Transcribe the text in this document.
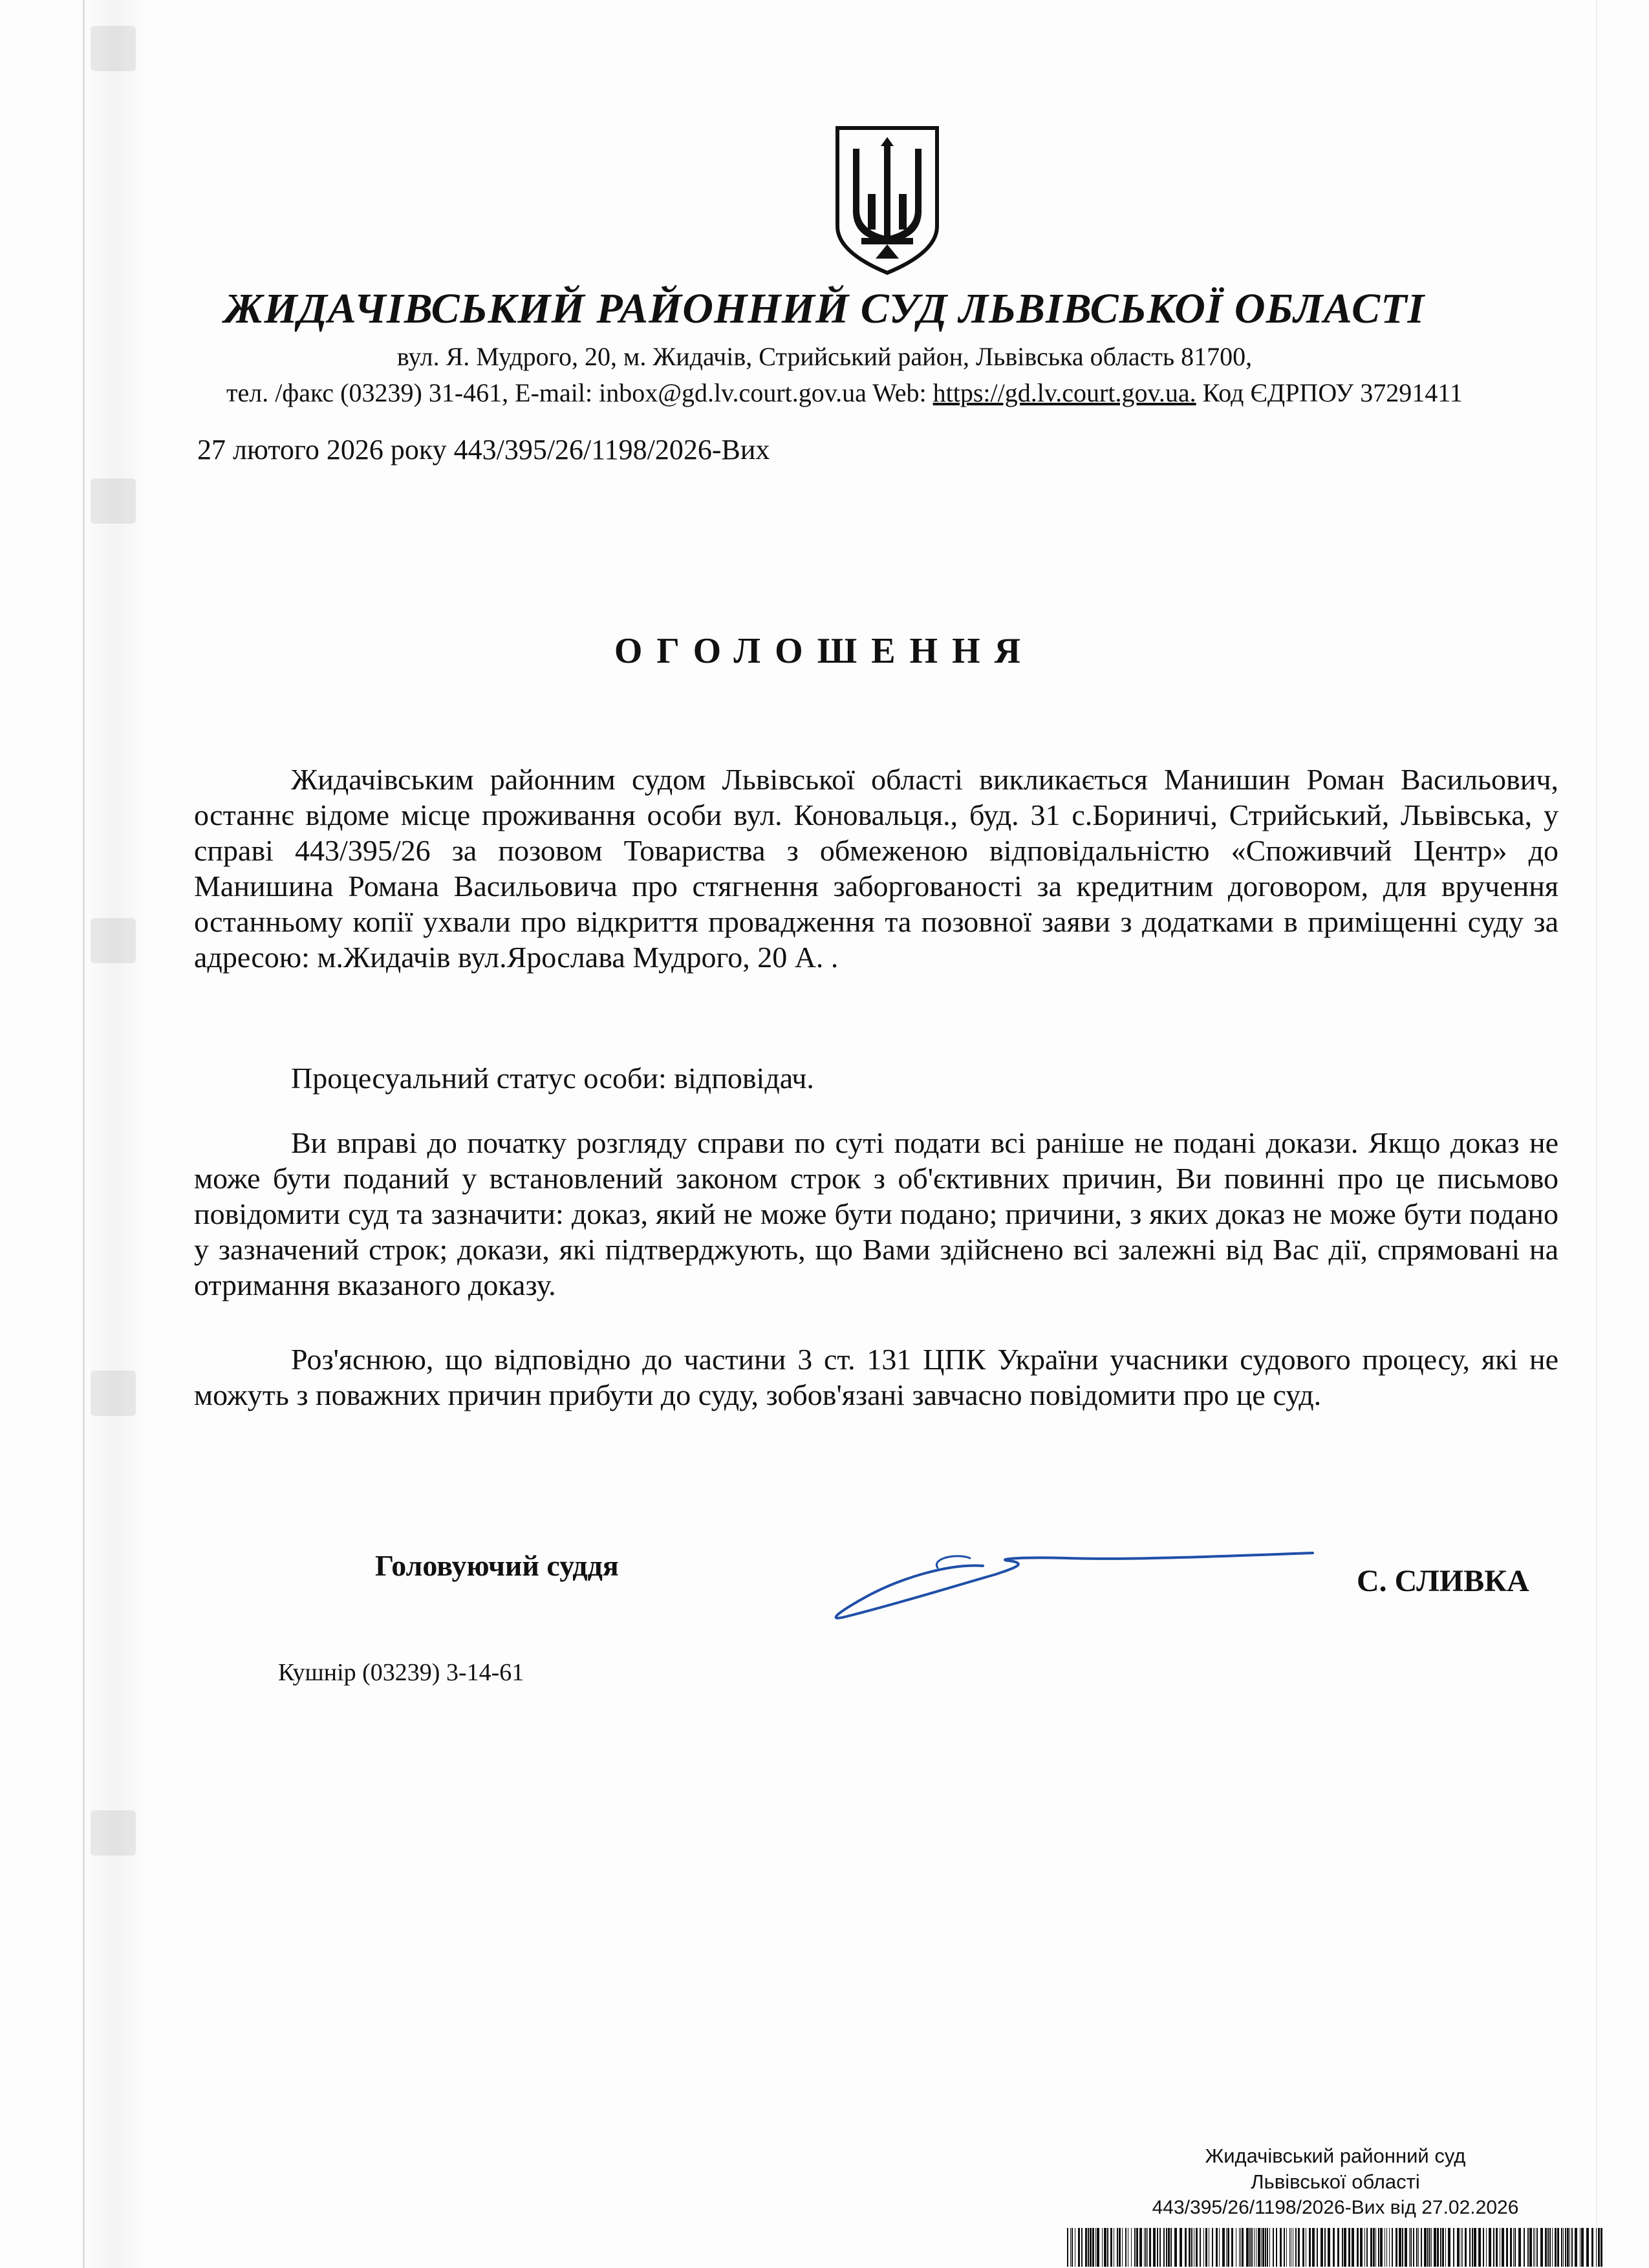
ЖИДАЧІВСЬКИЙ РАЙОННИЙ СУД ЛЬВІВСЬКОЇ ОБЛАСТІ
вул. Я. Мудрого, 20, м. Жидачів, Стрийський район, Львівська область 81700,
тел. /факс (03239) 31-461, E-mail: inbox@gd.lv.court.gov.ua Web: https://gd.lv.court.gov.ua. Код ЄДРПОУ 37291411
27 лютого 2026 року 443/395/26/1198/2026-Вих
ОГОЛОШЕННЯ
Жидачівським районним судом Львівської області викликається Манишин Роман Васильович, останнє відоме місце проживання особи вул. Коновальця., буд. 31 с.Бориничі, Стрийський, Львівська, у справі 443/395/26 за позовом Товариства з обмеженою відповідальністю «Споживчий Центр» до Манишина Романа Васильовича про стягнення заборгованості за кредитним договором, для вручення останньому копії ухвали про відкриття провадження та позовної заяви з додатками в приміщенні суду за адресою: м.Жидачів вул.Ярослава Мудрого, 20 А. .
Процесуальний статус особи: відповідач.
Ви вправі до початку розгляду справи по суті подати всі раніше не подані докази. Якщо доказ не може бути поданий у встановлений законом строк з об'єктивних причин, Ви повинні про це письмово повідомити суд та зазначити: доказ, який не може бути подано; причини, з яких доказ не може бути подано у зазначений строк; докази, які підтверджують, що Вами здійснено всі залежні від Вас дії, спрямовані на отримання вказаного доказу.
Роз'яснюю, що відповідно до частини 3 ст. 131 ЦПК України учасники судового процесу, які не можуть з поважних причин прибути до суду, зобов'язані завчасно повідомити про це суд.
Головуючий суддя	С. СЛИВКА
Кушнір (03239) 3-14-61
Жидачівський районний суд
Львівської області
443/395/26/1198/2026-Вих від 27.02.2026
